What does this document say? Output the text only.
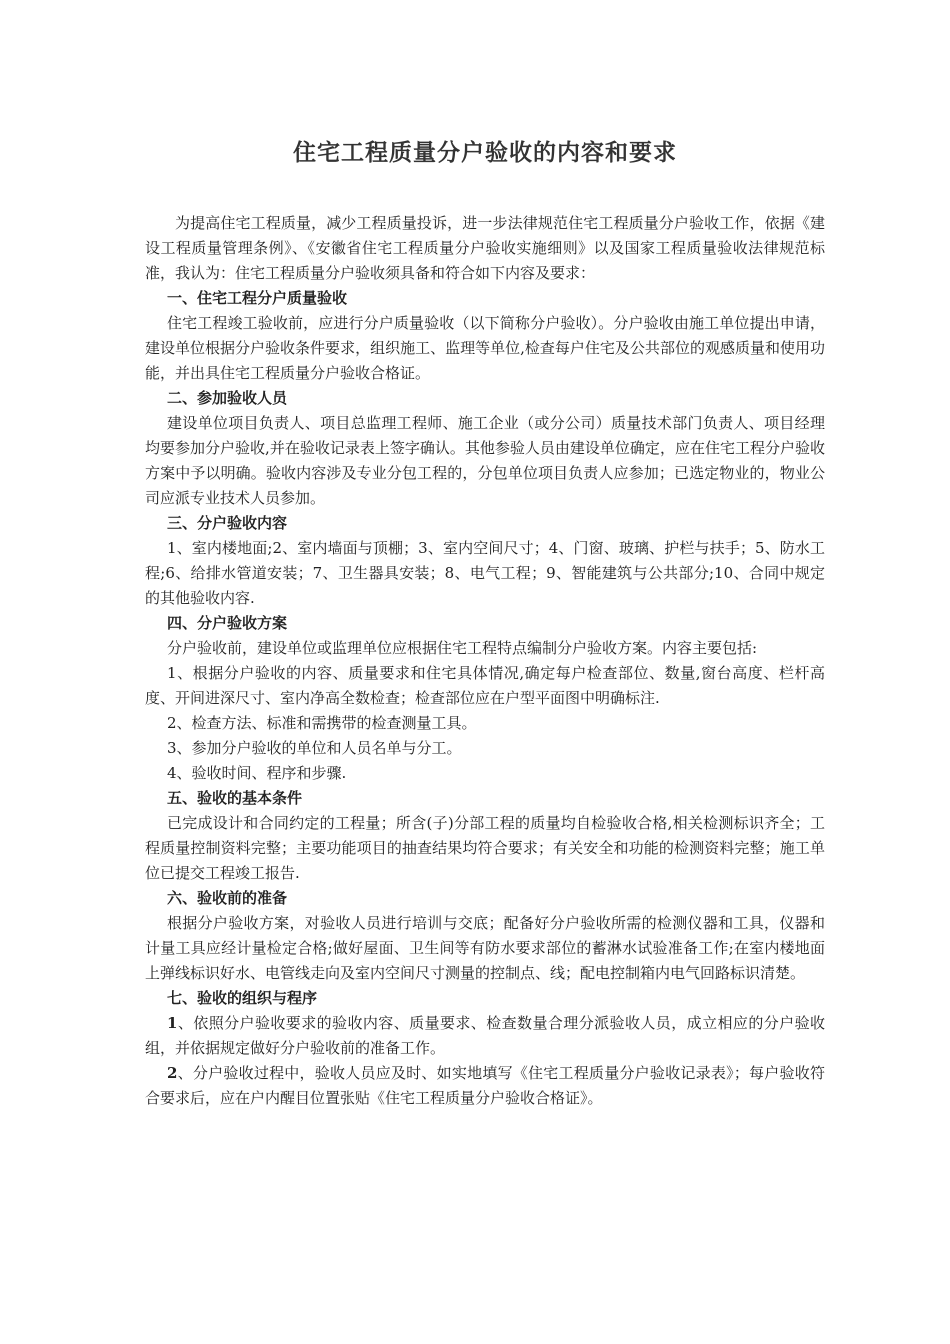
住宅工程质量分户验收的内容和要求

为提高住宅工程质量，减少工程质量投诉，进一步法律规范住宅工程质量分户验收工作，依据《建设工程质量管理条例》、《安徽省住宅工程质量分户验收实施细则》以及国家工程质量验收法律规范标准，我认为：住宅工程质量分户验收须具备和符合如下内容及要求：

一、住宅工程分户质量验收

住宅工程竣工验收前，应进行分户质量验收（以下简称分户验收）。分户验收由施工单位提出申请，建设单位根据分户验收条件要求，组织施工、监理等单位,检查每户住宅及公共部位的观感质量和使用功能，并出具住宅工程质量分户验收合格证。

二、参加验收人员

建设单位项目负责人、项目总监理工程师、施工企业（或分公司）质量技术部门负责人、项目经理均要参加分户验收,并在验收记录表上签字确认。其他参验人员由建设单位确定，应在住宅工程分户验收方案中予以明确。验收内容涉及专业分包工程的，分包单位项目负责人应参加；已选定物业的，物业公司应派专业技术人员参加。

三、分户验收内容

1、室内楼地面;2、室内墙面与顶棚；3、室内空间尺寸；4、门窗、玻璃、护栏与扶手；5、防水工程;6、给排水管道安装；7、卫生器具安装；8、电气工程；9、智能建筑与公共部分;10、合同中规定的其他验收内容.

四、分户验收方案

分户验收前，建设单位或监理单位应根据住宅工程特点编制分户验收方案。内容主要包括:

1、根据分户验收的内容、质量要求和住宅具体情况,确定每户检查部位、数量,窗台高度、栏杆高度、开间进深尺寸、室内净高全数检查；检查部位应在户型平面图中明确标注.

2、检查方法、标准和需携带的检查测量工具。

3、参加分户验收的单位和人员名单与分工。

4、验收时间、程序和步骤.

五、验收的基本条件

已完成设计和合同约定的工程量；所含(子)分部工程的质量均自检验收合格,相关检测标识齐全；工程质量控制资料完整；主要功能项目的抽查结果均符合要求；有关安全和功能的检测资料完整；施工单位已提交工程竣工报告.

六、验收前的准备

根据分户验收方案，对验收人员进行培训与交底；配备好分户验收所需的检测仪器和工具，仪器和计量工具应经计量检定合格;做好屋面、卫生间等有防水要求部位的蓄淋水试验准备工作;在室内楼地面上弹线标识好水、电管线走向及室内空间尺寸测量的控制点、线；配电控制箱内电气回路标识清楚。

七、验收的组织与程序

1、依照分户验收要求的验收内容、质量要求、检查数量合理分派验收人员，成立相应的分户验收组，并依据规定做好分户验收前的准备工作。

2、分户验收过程中，验收人员应及时、如实地填写《住宅工程质量分户验收记录表》；每户验收符合要求后，应在户内醒目位置张贴《住宅工程质量分户验收合格证》。
